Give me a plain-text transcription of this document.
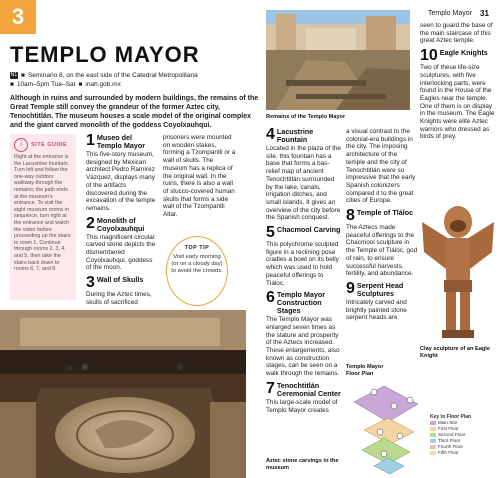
3
TEMPLO MAYOR
N1 ■ Seminario 8, on the east side of the Catedral Metropolitana
■ 10am–5pm Tue–Sat ■ inah.gob.mx
Although in ruins and surrounded by modern buildings, the remains of the Great Temple still convey the grandeur of the former Aztec city, Tenochtitlán. The museum houses a scale model of the original complex and the giant carved monolith of the goddess Coyolxauhqui.
i	SITE GUIDE
Right at the entrance is the Lacustrine fountain. Turn left and follow the one-way outdoor walkway through the remains; the path ends at the museum's entrance. To visit the eight museum rooms in sequence, turn right at the entrance and watch the video before proceeding up the stairs to room 1. Continue through rooms 2, 3, 4, and 5, then take the stairs back down to rooms 6, 7, and 8.
1 Museo del Templo Mayor
This five-story museum, designed by Mexican architect Pedro Ramírez Vázquez, displays many of the artifacts discovered during the excavation of the temple remains.
2 Monolith of Coyolxauhqui
This magnificent circular carved stone depicts the dismembered Coyolxauhqui, goddess of the moon.
3 Wall of Skulls
During the Aztec times, skulls of sacrificed
prisoners were mounted on wooden stakes, forming a Tzompantli or a wall of skulls. The museum has a replica of the original wall. In the ruins, there is also a wall of stucco-covered human skulls that forms a side wall of the Tzompantli Altar.
TOP TIP
Visit early morning (or on a cloudy day) to avoid the crowds.
Remains of the Templo Mayor
Templo Mayor 31
4 Lacustrine Fountain
Located in the plaza of the site, this fountain has a base that forms a bas-relief map of ancient Tenochtitlán surrounded by the lake, canals, irrigation ditches, and small islands. It gives an overview of the city before the Spanish conquest.
5 Chacmool Carving
This polychrome sculpted figure in a reclining pose cradles a bowl on its belly which was used to hold peaceful offerings to Tláloc.
6 Templo Mayor Construction Stages
The Templo Mayor was enlarged seven times as the stature and prosperity of the Aztecs increased. These enlargements, also known as construction stages, can be seen on a walk through the remains.
7 Tenochtitlán Ceremonial Center
This large-scale model of Templo Mayor creates
Aztec stone carvings in the museum
a visual contrast to the colonial-era buildings in the city. The imposing architecture of the temple and the city of Tenochtitlán were so impressive that the early Spanish colonizers compared it to the great cities of Europe.
8 Temple of Tláloc
The Aztecs made peaceful offerings to the Chacmool sculpture in the Temple of Tláloc, god of rain, to ensure successful harvests, fertility, and abundance.
9 Serpent Head Sculptures
Intricately carved and brightly painted stone serpent heads are
seen to guard the base of the main staircase of this great Aztec temple.
10 Eagle Knights
Two of these life-size sculptures, with five interlocking parts, were found in the House of the Eagles near the temple. One of them is on display in the museum. The Eagle Knights were elite Aztec warriors who dressed as birds of prey.
Clay sculpture of an Eagle Knight
Templo Mayor Floor Plan
Key to Floor Plan
Main Site
First Floor
Second Floor
Third Floor
Fourth Floor
Fifth Floor
